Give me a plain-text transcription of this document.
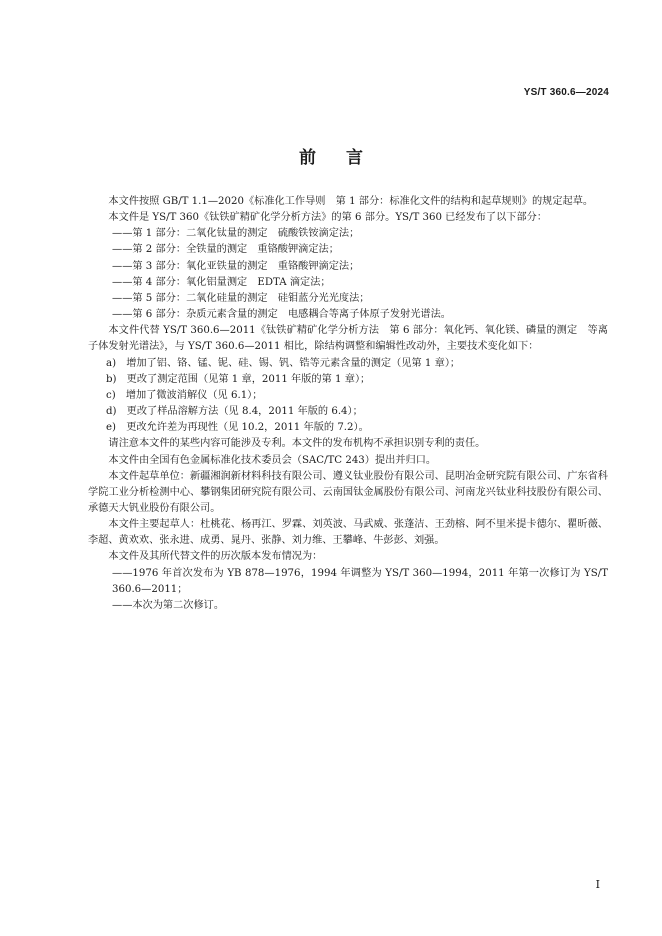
YS/T 360.6—2024
前言

本文件按照 GB/T 1.1—2020《标准化工作导则　第 1 部分：标准化文件的结构和起草规则》的规定起草。

本文件是 YS/T 360《钛铁矿精矿化学分析方法》的第 6 部分。YS/T 360 已经发布了以下部分：

——第 1 部分：二氧化钛量的测定　硫酸铁铵滴定法；

——第 2 部分：全铁量的测定　重铬酸钾滴定法；

——第 3 部分：氧化亚铁量的测定　重铬酸钾滴定法；

——第 4 部分：氧化铝量测定　EDTA 滴定法；

——第 5 部分：二氧化硅量的测定　硅钼蓝分光光度法；

——第 6 部分：杂质元素含量的测定　电感耦合等离子体原子发射光谱法。

本文件代替 YS/T 360.6—2011《钛铁矿精矿化学分析方法　第 6 部分：氧化钙、氧化镁、磷量的测定　等离子体发射光谱法》，与 YS/T 360.6—2011 相比，除结构调整和编辑性改动外，主要技术变化如下：

a)　增加了铝、铬、锰、铌、硅、锡、钒、锆等元素含量的测定（见第 1 章）；

b)　更改了测定范围（见第 1 章，2011 年版的第 1 章）；

c)　增加了微波消解仪（见 6.1）；

d)　更改了样品溶解方法（见 8.4，2011 年版的 6.4）；

e)　更改允许差为再现性（见 10.2，2011 年版的 7.2）。

请注意本文件的某些内容可能涉及专利。本文件的发布机构不承担识别专利的责任。

本文件由全国有色金属标准化技术委员会（SAC/TC 243）提出并归口。

本文件起草单位：新疆湘润新材料科技有限公司、遵义钛业股份有限公司、昆明冶金研究院有限公司、广东省科学院工业分析检测中心、攀钢集团研究院有限公司、云南国钛金属股份有限公司、河南龙兴钛业科技股份有限公司、承德天大钒业股份有限公司。

本文件主要起草人：杜桃花、杨再江、罗霖、刘英波、马武威、张蓬洁、王劲榕、阿不里米提卡德尔、瞿昕薇、李超、黄欢欢、张永进、成勇、晁丹、张静、刘力维、王攀峰、牛彭彭、刘强。

本文件及其所代替文件的历次版本发布情况为：

——1976 年首次发布为 YB 878—1976，1994 年调整为 YS/T 360—1994，2011 年第一次修订为 YS/T 360.6—2011；

——本次为第二次修订。

I
